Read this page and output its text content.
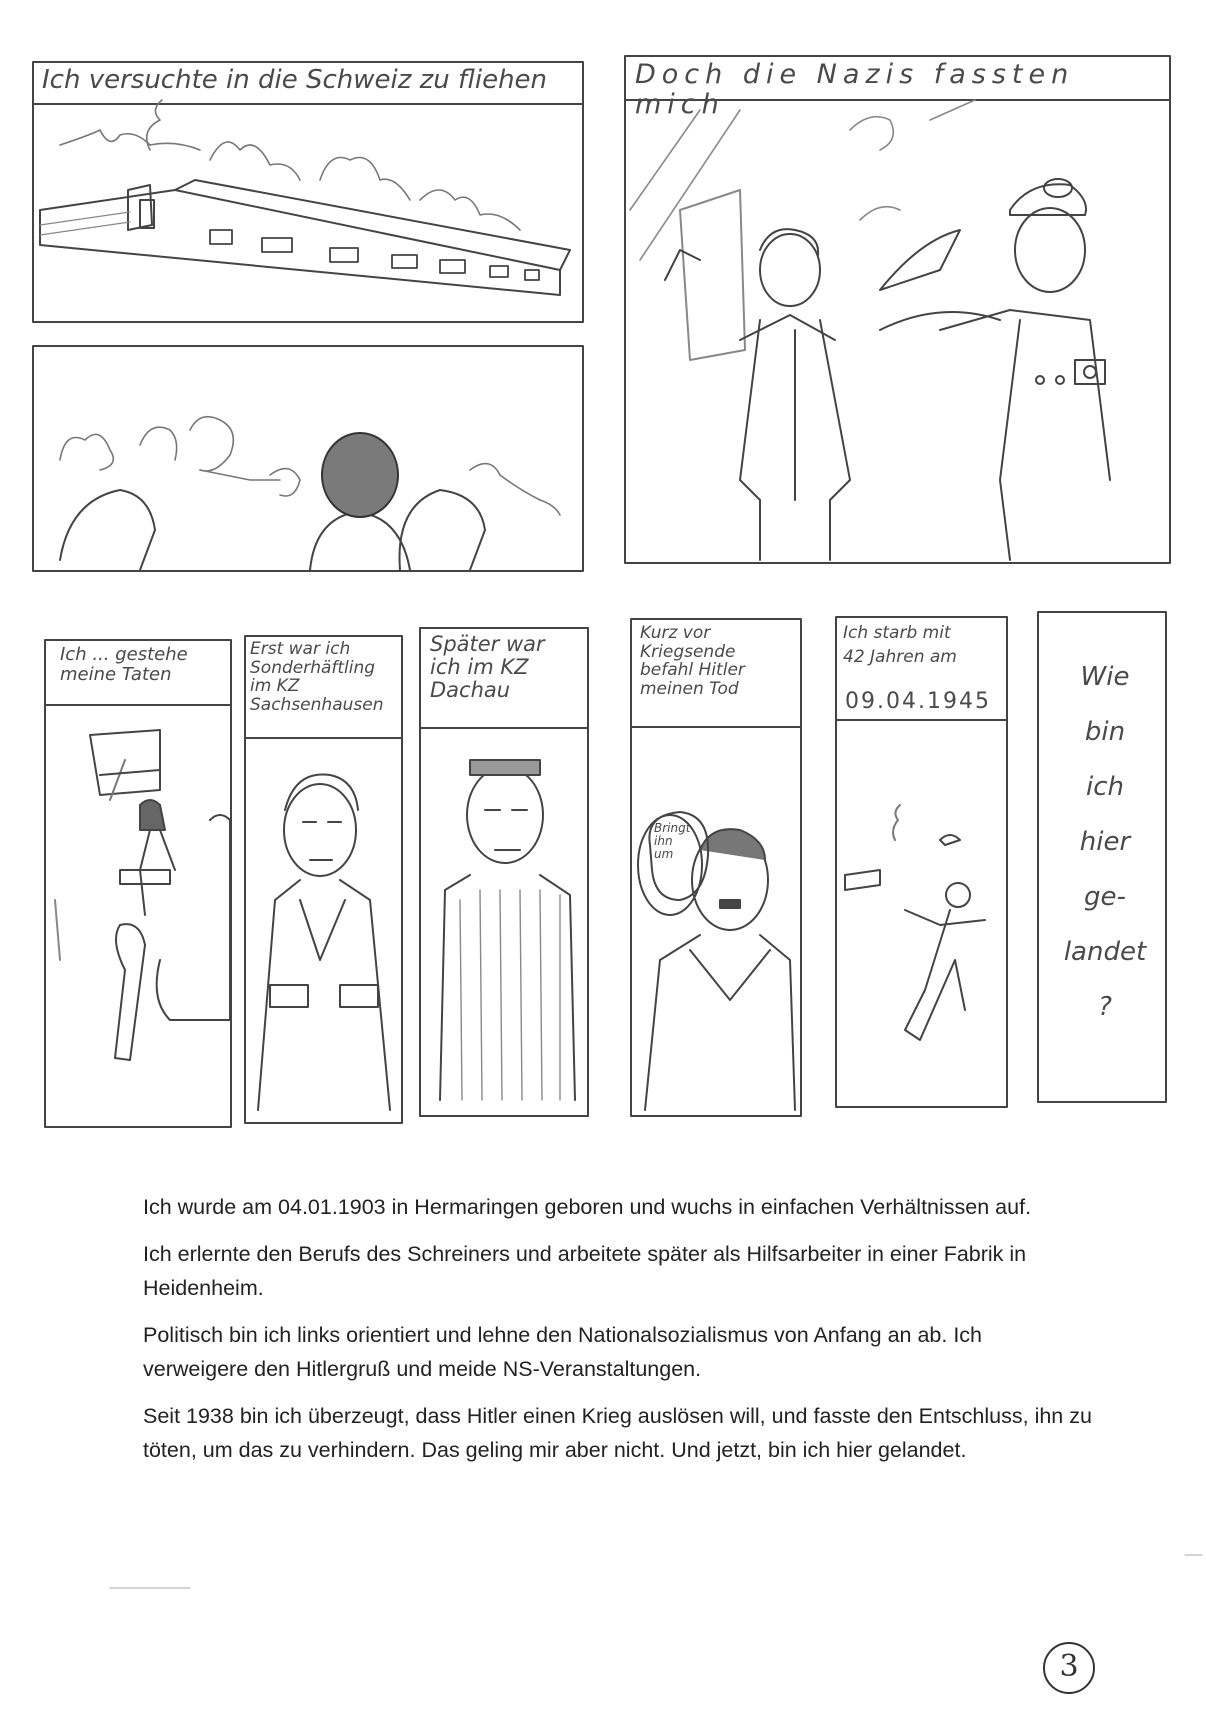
Ich versuchte in die Schweiz zu fliehen	Doch die Nazis fassten mich
Ich ... gestehe
meine Taten
Erst war ich
Sonderhäftling
im KZ
Sachsenhausen
Später war
ich im KZ
Dachau
Kurz vor
Kriegsende
befahl Hitler
meinen Tod
Ich starb mit
42 Jahren am
09.04.1945
Wie
bin
ich
hier
ge-
landet
?
Bringt
ihn
um

Ich wurde am 04.01.1903 in Hermaringen geboren und wuchs in einfachen Verhältnissen auf.

Ich erlernte den Berufs des Schreiners und arbeitete später als Hilfsarbeiter in einer Fabrik in Heidenheim.

Politisch bin ich links orientiert und lehne den Nationalsozialismus von Anfang an ab. Ich verweigere den Hitlergruß und meide NS-Veranstaltungen.

Seit 1938 bin ich überzeugt, dass Hitler einen Krieg auslösen will, und fasste den Entschluss, ihn zu töten, um das zu verhindern. Das geling mir aber nicht. Und jetzt, bin ich hier gelandet.

3
